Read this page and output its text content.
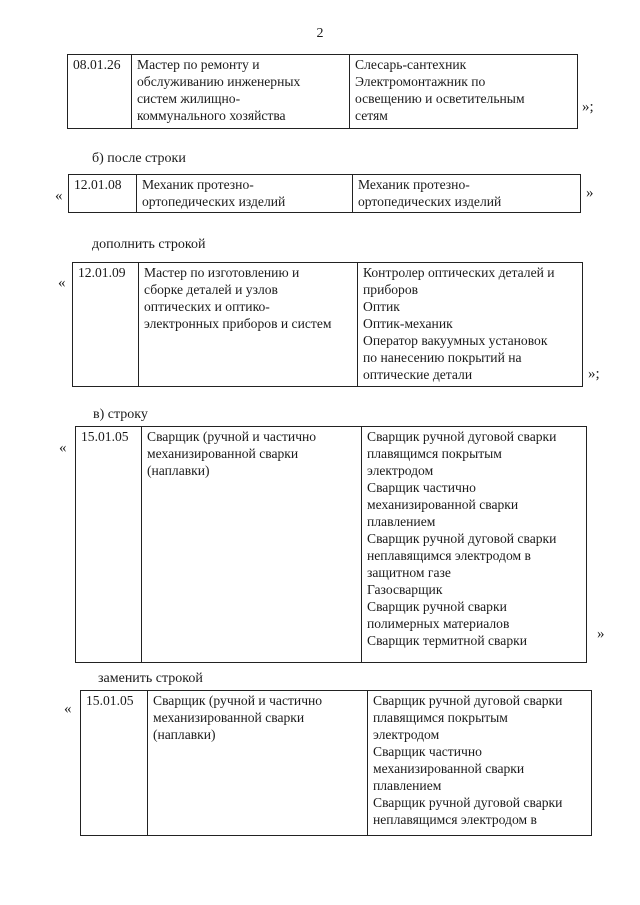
2
08.01.26	Мастер по ремонту и
обслуживанию инженерных
систем жилищно-
коммунального хозяйства

Слесарь-сантехник
Электромонтажник по
освещению и осветительным
сетям
»;
б) после строки
«
12.01.08	Механик протезно-
ортопедических изделий

Механик протезно-
ортопедических изделий
»
дополнить строкой
«
12.01.09	Мастер по изготовлению и
сборке деталей и узлов
оптических и оптико-
электронных приборов и систем

Контролер оптических деталей и
приборов
Оптик
Оптик-механик
Оператор вакуумных установок
по нанесению покрытий на
оптические детали	»;
в) строку
«
15.01.05	Сварщик (ручной и частично
механизированной сварки
(наплавки)

Сварщик ручной дуговой сварки
плавящимся покрытым
электродом
Сварщик частично
механизированной сварки
плавлением
Сварщик ручной дуговой сварки
неплавящимся электродом в
защитном газе
Газосварщик
Сварщик ручной сварки
полимерных материалов
Сварщик термитной сварки	»
заменить строкой
«
15.01.05	Сварщик (ручной и частично
механизированной сварки
(наплавки)

Сварщик ручной дуговой сварки
плавящимся покрытым
электродом
Сварщик частично
механизированной сварки
плавлением
Сварщик ручной дуговой сварки
неплавящимся электродом в
